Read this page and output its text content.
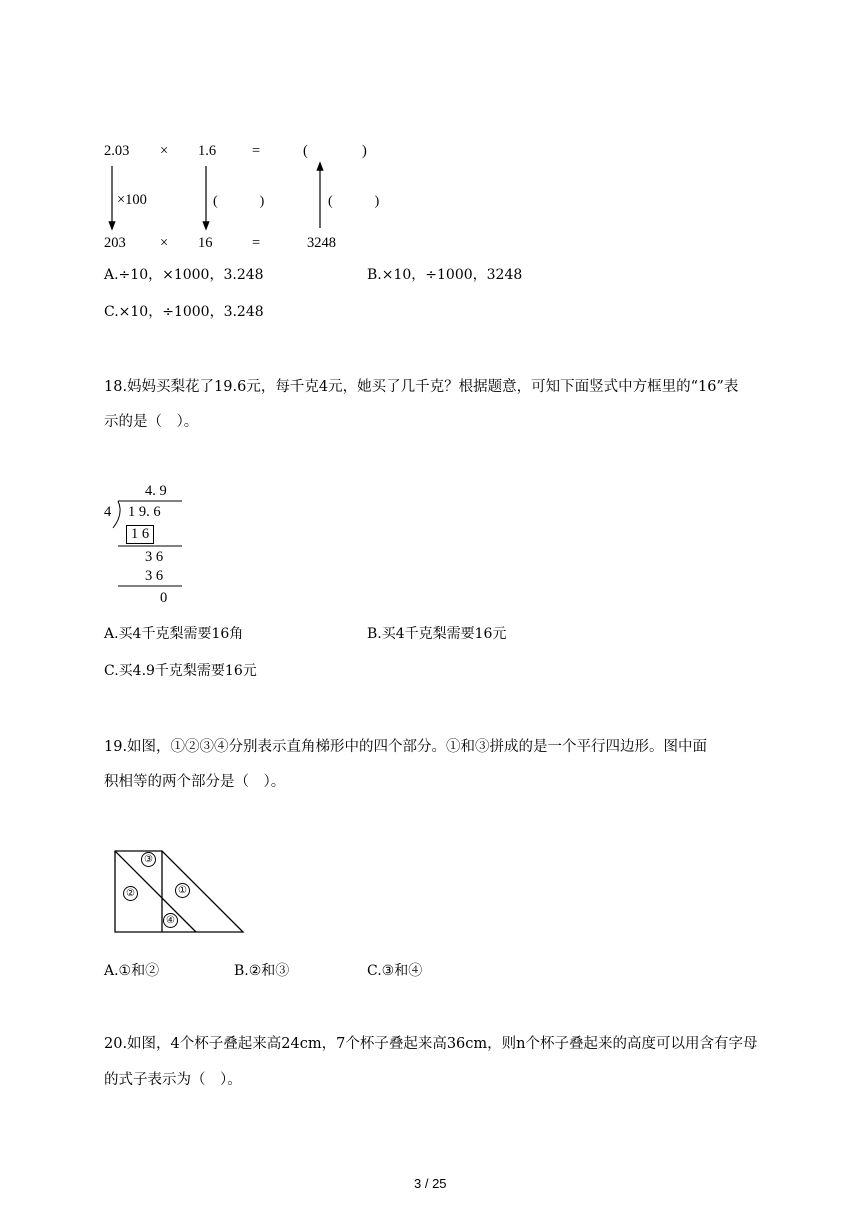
2.03 × 1.6 =	(	)
×100	(　　　)	(　　　)
203 × 16	=	3248
A.÷10，×1000，3.248	B.×10，÷1000，3248
C.×10，÷1000，3.248
18.妈妈买梨花了19.6元，每千克4元，她买了几千克？根据题意，可知下面竖式中方框里的“16”表
示的是（　）。
4. 9
4 1 9. 6
1 6
3 6
3 6
0
A.买4千克梨需要16角	B.买4千克梨需要16元
C.买4.9千克梨需要16元
19.如图，①②③④分别表示直角梯形中的四个部分。①和③拼成的是一个平行四边形。图中面
积相等的两个部分是（　）。
③
②	①
④
A.①和②	B.②和③	C.③和④
20.如图，4个杯子叠起来高24cm，7个杯子叠起来高36cm，则n个杯子叠起来的高度可以用含有字母
的式子表示为（　）。
3 / 25
